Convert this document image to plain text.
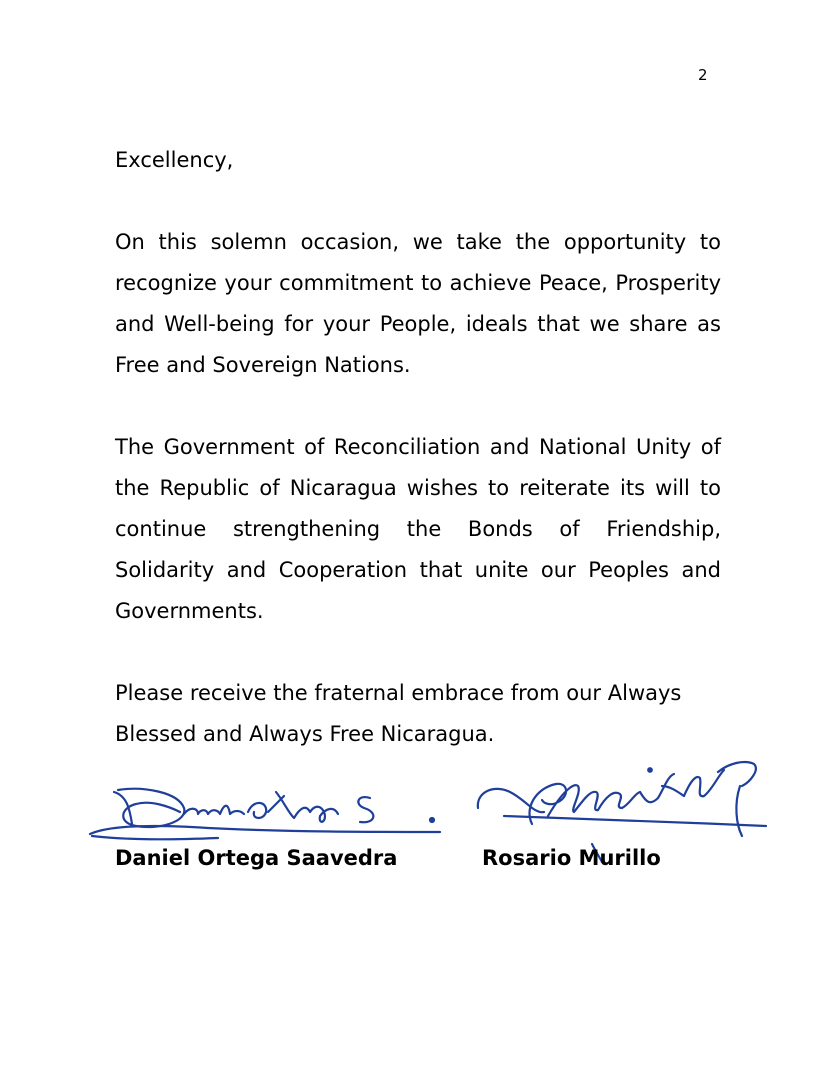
2

Excellency,

On this solemn occasion, we take the opportunity to recognize your commitment to achieve Peace, Prosperity and Well-being for your People, ideals that we share as Free and Sovereign Nations.

The Government of Reconciliation and National Unity of the Republic of Nicaragua wishes to reiterate its will to continue strengthening the Bonds of Friendship, Solidarity and Cooperation that unite our Peoples and Governments.

Please receive the fraternal embrace from our Always Blessed and Always Free Nicaragua.

Daniel Ortega Saavedra	Rosario Murillo
